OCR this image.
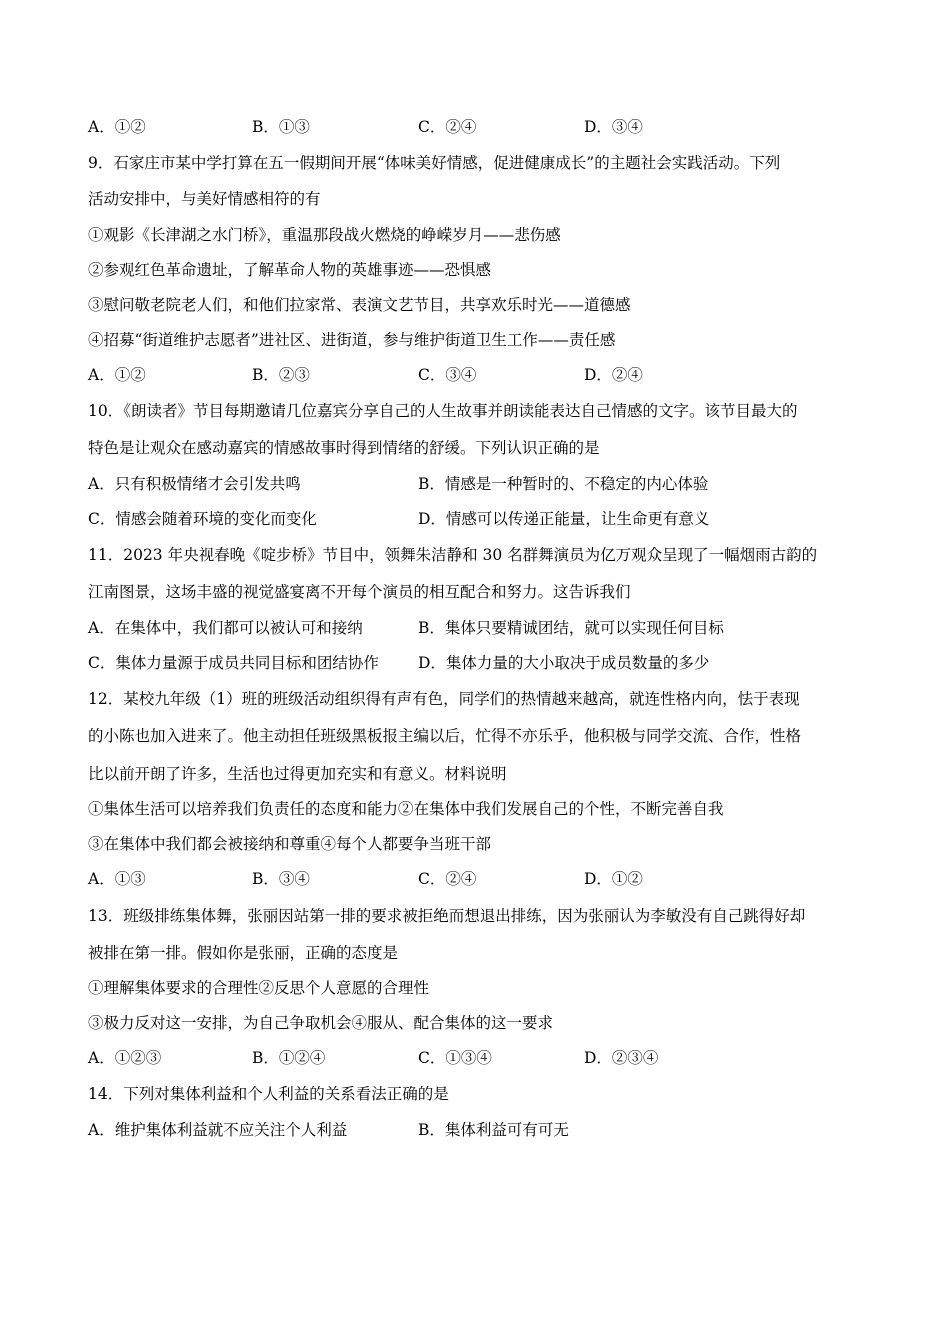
A．①②	B．①③	C．②④	D．③④
9．石家庄市某中学打算在五一假期间开展“体味美好情感，促进健康成长”的主题社会实践活动。下列
活动安排中，与美好情感相符的有
①观影《长津湖之水门桥》，重温那段战火燃烧的峥嵘岁月——悲伤感
②参观红色革命遗址，了解革命人物的英雄事迹——恐惧感
③慰问敬老院老人们，和他们拉家常、表演文艺节目，共享欢乐时光——道德感
④招募“街道维护志愿者”进社区、进街道，参与维护街道卫生工作——责任感
A．①②	B．②③	C．③④	D．②④
10．《朗读者》节目每期邀请几位嘉宾分享自己的人生故事并朗读能表达自己情感的文字。该节目最大的
特色是让观众在感动嘉宾的情感故事时得到情绪的舒缓。下列认识正确的是
A．只有积极情绪才会引发共鸣	B．情感是一种暂时的、不稳定的内心体验
C．情感会随着环境的变化而变化	D．情感可以传递正能量，让生命更有意义
11．2023 年央视春晚《啶步桥》节目中，领舞朱洁静和 30 名群舞演员为亿万观众呈现了一幅烟雨古韵的
江南图景，这场丰盛的视觉盛宴离不开每个演员的相互配合和努力。这告诉我们
A．在集体中，我们都可以被认可和接纳	B．集体只要精诚团结，就可以实现任何目标
C．集体力量源于成员共同目标和团结协作	D．集体力量的大小取决于成员数量的多少
12．某校九年级（1）班的班级活动组织得有声有色，同学们的热情越来越高，就连性格内向，怯于表现
的小陈也加入进来了。他主动担任班级黑板报主编以后，忙得不亦乐乎，他积极与同学交流、合作，性格
比以前开朗了许多，生活也过得更加充实和有意义。材料说明
①集体生活可以培养我们负责任的态度和能力②在集体中我们发展自己的个性，不断完善自我
③在集体中我们都会被接纳和尊重④每个人都要争当班干部
A．①③	B．③④	C．②④	D．①②
13．班级排练集体舞，张丽因站第一排的要求被拒绝而想退出排练，因为张丽认为李敏没有自己跳得好却
被排在第一排。假如你是张丽，正确的态度是
①理解集体要求的合理性②反思个人意愿的合理性
③极力反对这一安排，为自己争取机会④服从、配合集体的这一要求
A．①②③	B．①②④	C．①③④	D．②③④
14．下列对集体利益和个人利益的关系看法正确的是
A．维护集体利益就不应关注个人利益	B．集体利益可有可无
